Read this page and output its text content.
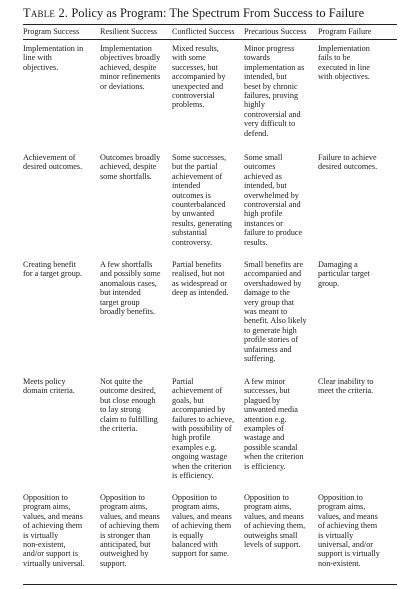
Table 2. Policy as Program: The Spectrum From Success to Failure
Program Success	Resilient Success Conflicted Success Precarious Success Program Failure
Implementation in
line with
objectives.
Implementation
objectives broadly
achieved, despite
minor refinements
or deviations.
Mixed results,
with some
successes, but
accompanied by
unexpected and
controversial
problems.
Minor progress
towards
implementation as
intended, but
beset by chronic
failures, proving
highly
controversial and
very difficult to
defend.
Implementation
fails to be
executed in line
with objectives.
Achievement of
desired outcomes.
Outcomes broadly
achieved, despite
some shortfalls.
Some successes,
but the partial
achievement of
intended
outcomes is
counterbalanced
by unwanted
results, generating
substantial
controversy.
Some small
outcomes
achieved as
intended, but
overwhelmed by
controversial and
high profile
instances or
failure to produce
results.
Failure to achieve
desired outcomes.
Creating benefit
for a target group.
A few shortfalls
and possibly some
anomalous cases,
but intended
target group
broadly benefits.
Partial benefits
realised, but not
as widespread or
deep as intended.
Small benefits are
accompanied and
overshadowed by
damage to the
very group that
was meant to
benefit. Also likely
to generate high
profile stories of
unfairness and
suffering.
Damaging a
particular target
group.
Meets policy
domain criteria.
Not quite the
outcome desired,
but close enough
to lay strong
claim to fulfilling
the criteria.
Partial
achievement of
goals, but
accompanied by
failures to achieve,
with possibility of
high profile
examples e.g.
ongoing wastage
when the criterion
is efficiency.
A few minor
successes, but
plagued by
unwanted media
attention e.g.
examples of
wastage and
possible scandal
when the criterion
is efficiency.
Clear inability to
meet the criteria.
Opposition to
program aims,
values, and means
of achieving them
is virtually
non-existent,
and/or support is
virtually universal.
Opposition to
program aims,
values, and means
of achieving them
is stronger than
anticipated, but
outweighed by
support.
Opposition to
program aims,
values, and means
of achieving them
is equally
balanced with
support for same.
Opposition to
program aims,
values, and means
of achieving them,
outweighs small
levels of support.
Opposition to
program aims,
values, and means
of achieving them
is virtually
universal, and/or
support is virtually
non-existent.
